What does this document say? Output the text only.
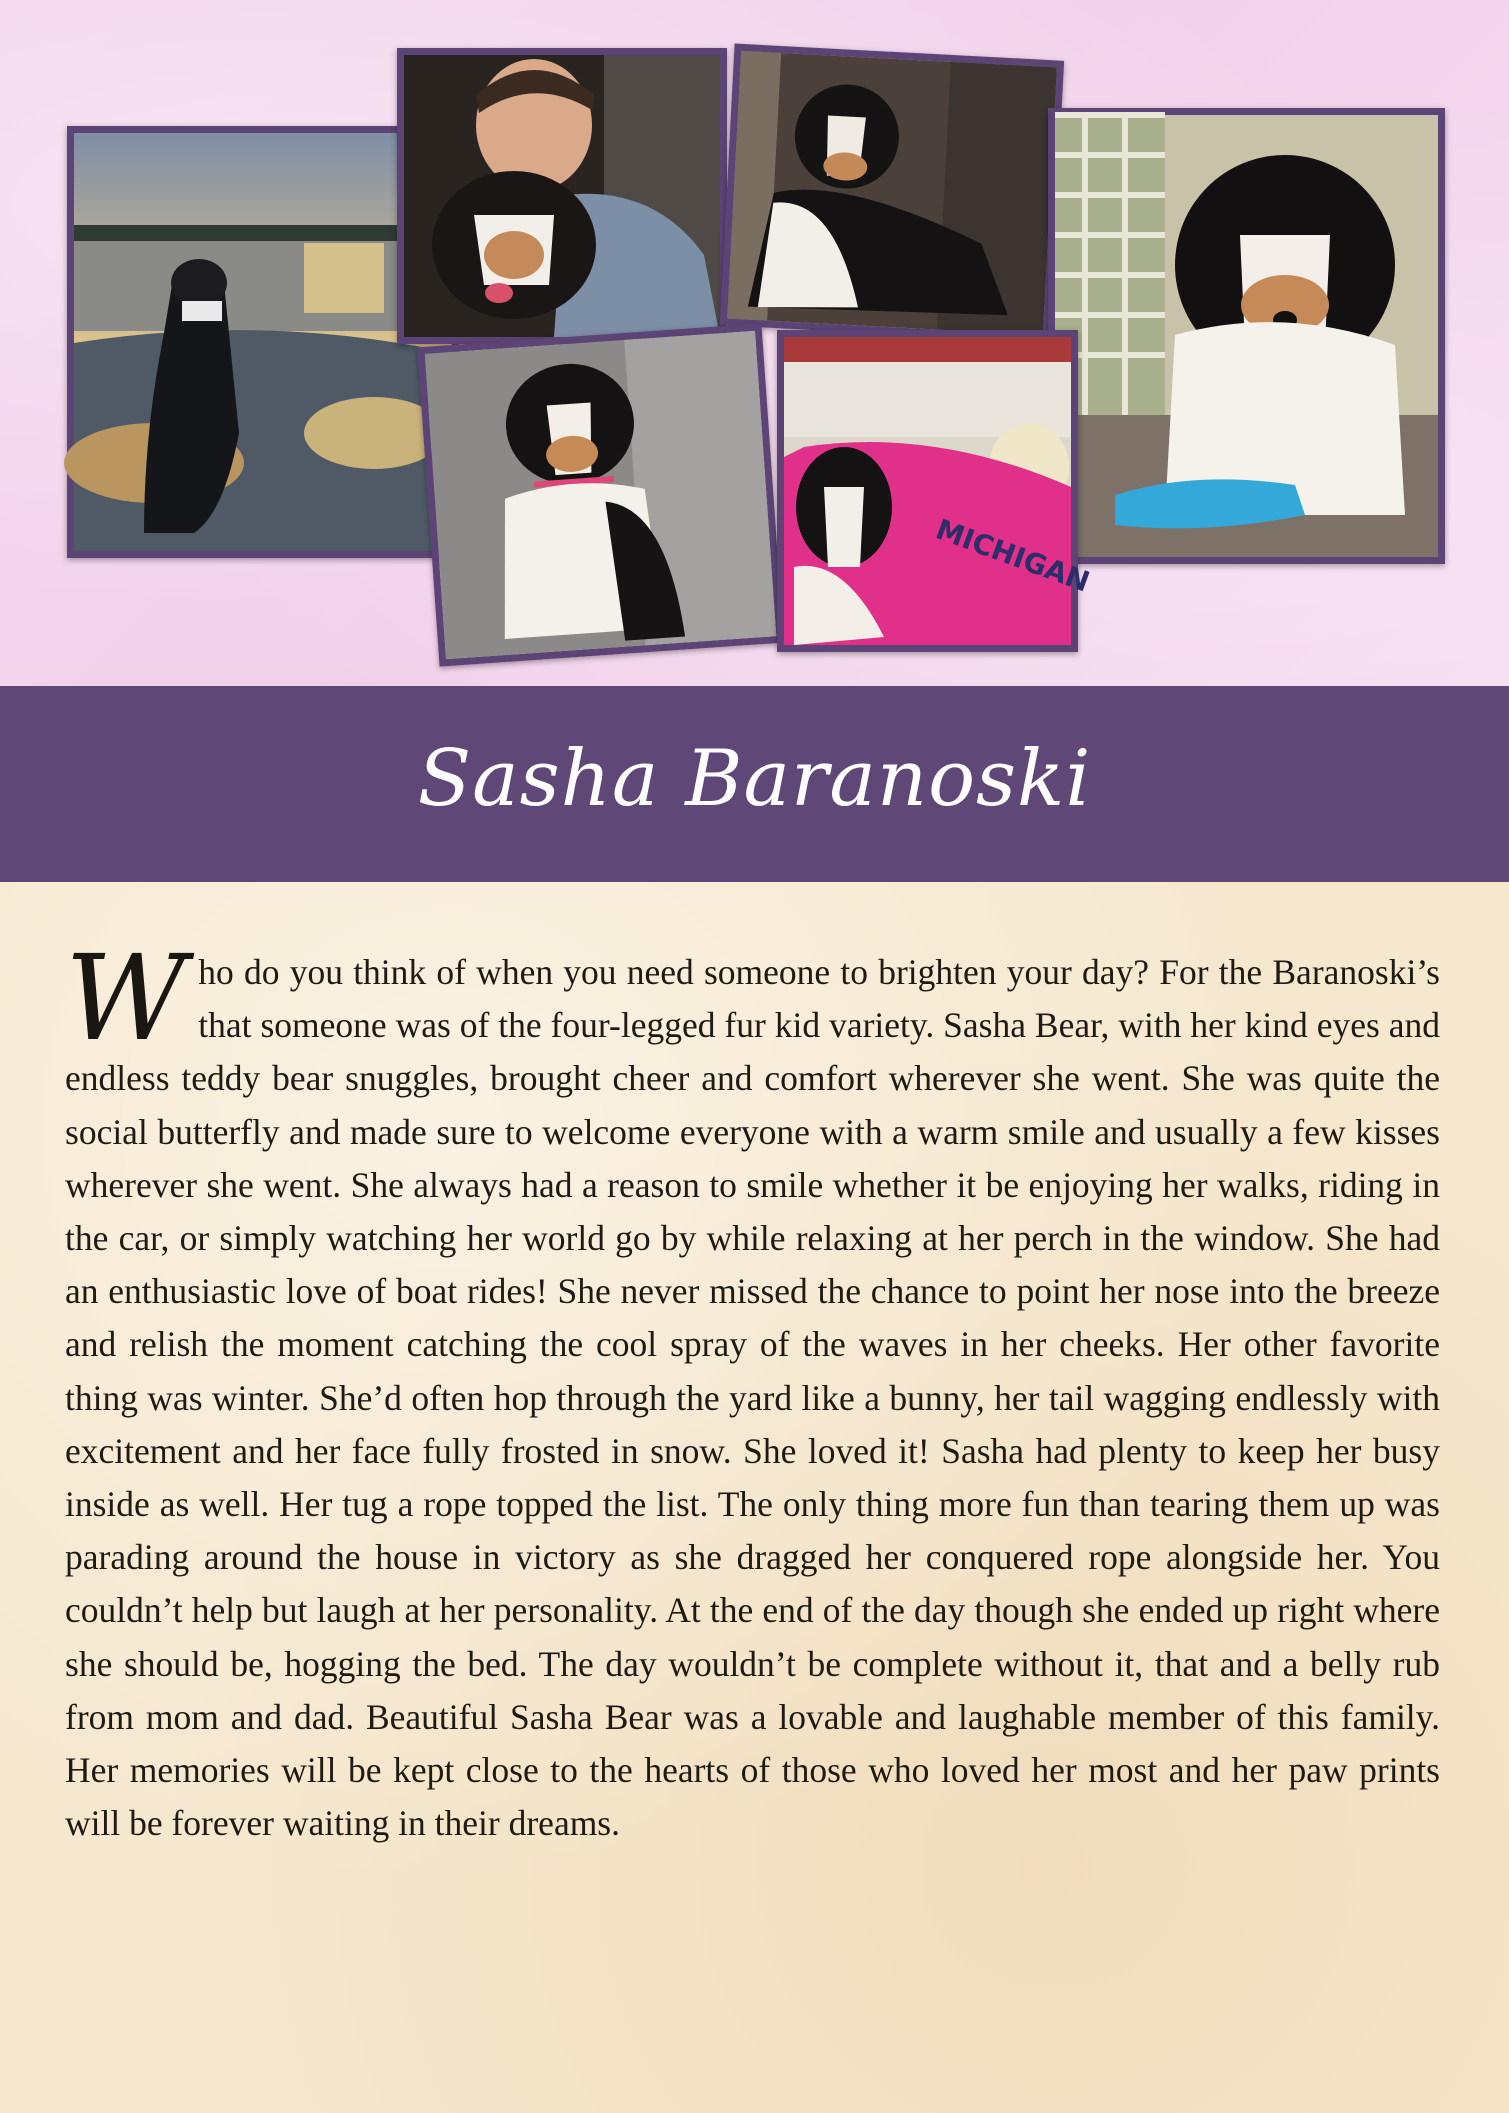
MICHIGAN
Sasha Baranoski
Who do you think of when you need someone to brighten your day? For the Baranoski’s that someone was of the four-legged fur kid variety. Sasha Bear, with her kind eyes and endless teddy bear snuggles, brought cheer and comfort wherever she went. She was quite the social butterfly and made sure to welcome everyone with a warm smile and usually a few kisses wherever she went. She always had a reason to smile whether it be enjoying her walks, riding in the car, or simply watching her world go by while relaxing at her perch in the window. She had an enthusiastic love of boat rides! She never missed the chance to point her nose into the breeze and relish the moment catching the cool spray of the waves in her cheeks. Her other favorite thing was winter. She’d often hop through the yard like a bunny, her tail wagging endlessly with excitement and her face fully frosted in snow. She loved it! Sasha had plenty to keep her busy inside as well. Her tug a rope topped the list. The only thing more fun than tearing them up was parading around the house in victory as she dragged her conquered rope alongside her. You couldn’t help but laugh at her personality. At the end of the day though she ended up right where she should be, hogging the bed. The day wouldn’t be complete without it, that and a belly rub from mom and dad. Beautiful Sasha Bear was a lovable and laughable member of this family. Her memories will be kept close to the hearts of those who loved her most and her paw prints will be forever waiting in their dreams.
